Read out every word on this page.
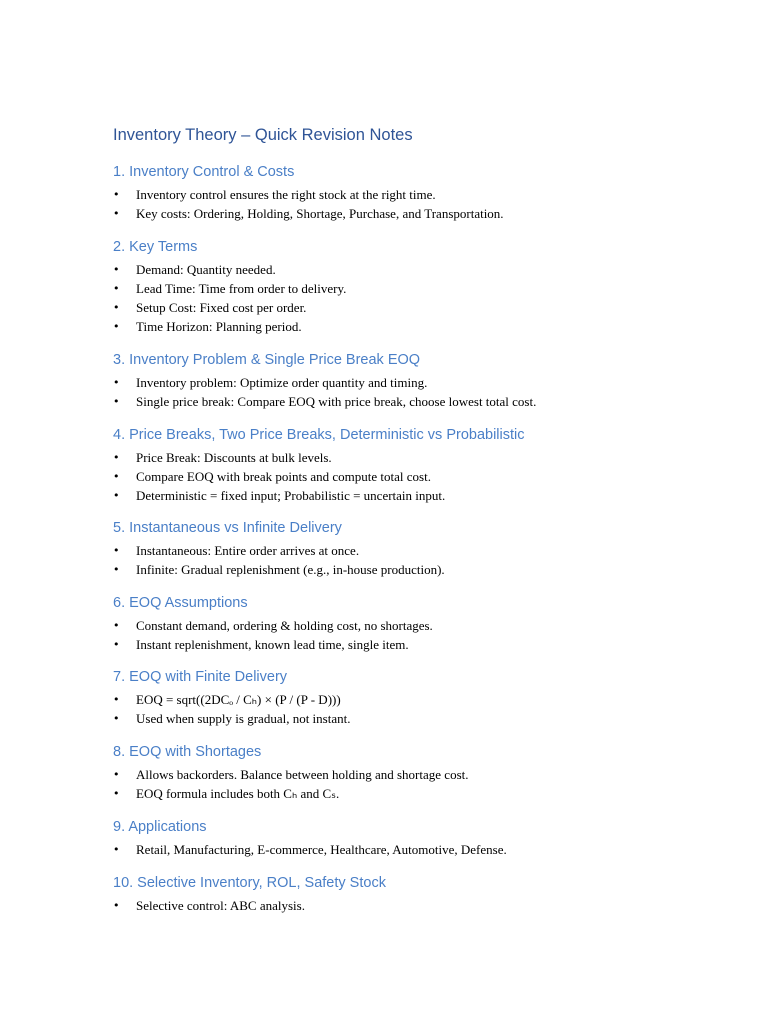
Inventory Theory – Quick Revision Notes
1. Inventory Control & Costs
•	Inventory control ensures the right stock at the right time.
•	Key costs: Ordering, Holding, Shortage, Purchase, and Transportation.
2. Key Terms
•	Demand: Quantity needed.
•	Lead Time: Time from order to delivery.
•	Setup Cost: Fixed cost per order.
•	Time Horizon: Planning period.
3. Inventory Problem & Single Price Break EOQ
•	Inventory problem: Optimize order quantity and timing.
•	Single price break: Compare EOQ with price break, choose lowest total cost.
4. Price Breaks, Two Price Breaks, Deterministic vs Probabilistic
•	Price Break: Discounts at bulk levels.
•	Compare EOQ with break points and compute total cost.
•	Deterministic = fixed input; Probabilistic = uncertain input.
5. Instantaneous vs Infinite Delivery
•	Instantaneous: Entire order arrives at once.
•	Infinite: Gradual replenishment (e.g., in-house production).
6. EOQ Assumptions
•	Constant demand, ordering & holding cost, no shortages.
•	Instant replenishment, known lead time, single item.
7. EOQ with Finite Delivery
•	EOQ = sqrt((2DCₒ / Cₕ) × (P / (P - D)))
•	Used when supply is gradual, not instant.
8. EOQ with Shortages
•	Allows backorders. Balance between holding and shortage cost.
•	EOQ formula includes both Cₕ and Cₛ.
9. Applications
•	Retail, Manufacturing, E-commerce, Healthcare, Automotive, Defense.
10. Selective Inventory, ROL, Safety Stock
•	Selective control: ABC analysis.
